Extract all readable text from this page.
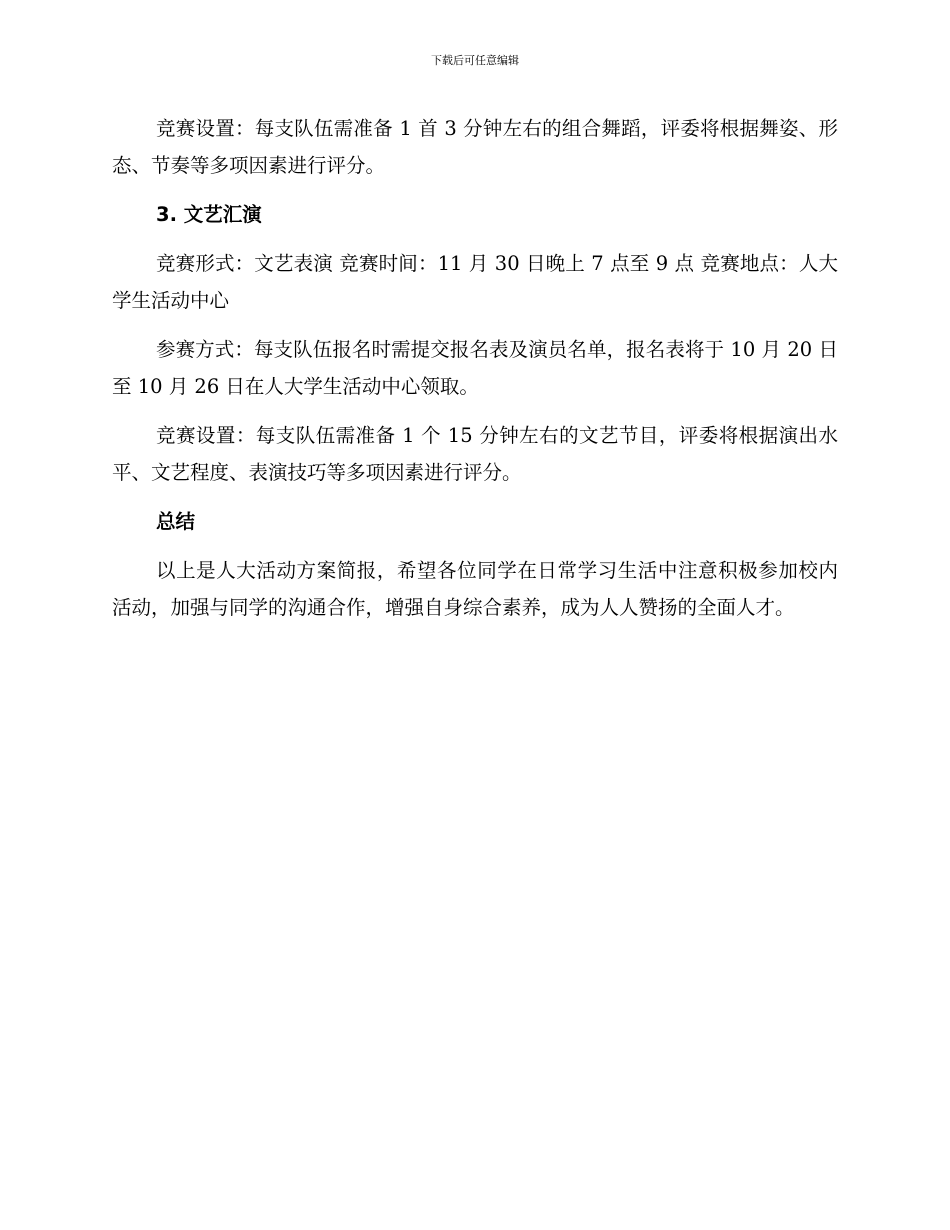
下载后可任意编辑

竞赛设置：每支队伍需准备 1 首 3 分钟左右的组合舞蹈，评委将根据舞姿、形态、节奏等多项因素进行评分。

3. 文艺汇演

竞赛形式：文艺表演 竞赛时间：11 月 30 日晚上 7 点至 9 点 竞赛地点：人大学生活动中心

参赛方式：每支队伍报名时需提交报名表及演员名单，报名表将于 10 月 20 日至 10 月 26 日在人大学生活动中心领取。

竞赛设置：每支队伍需准备 1 个 15 分钟左右的文艺节目，评委将根据演出水平、文艺程度、表演技巧等多项因素进行评分。

总结

以上是人大活动方案简报，希望各位同学在日常学习生活中注意积极参加校内活动，加强与同学的沟通合作，增强自身综合素养，成为人人赞扬的全面人才。
